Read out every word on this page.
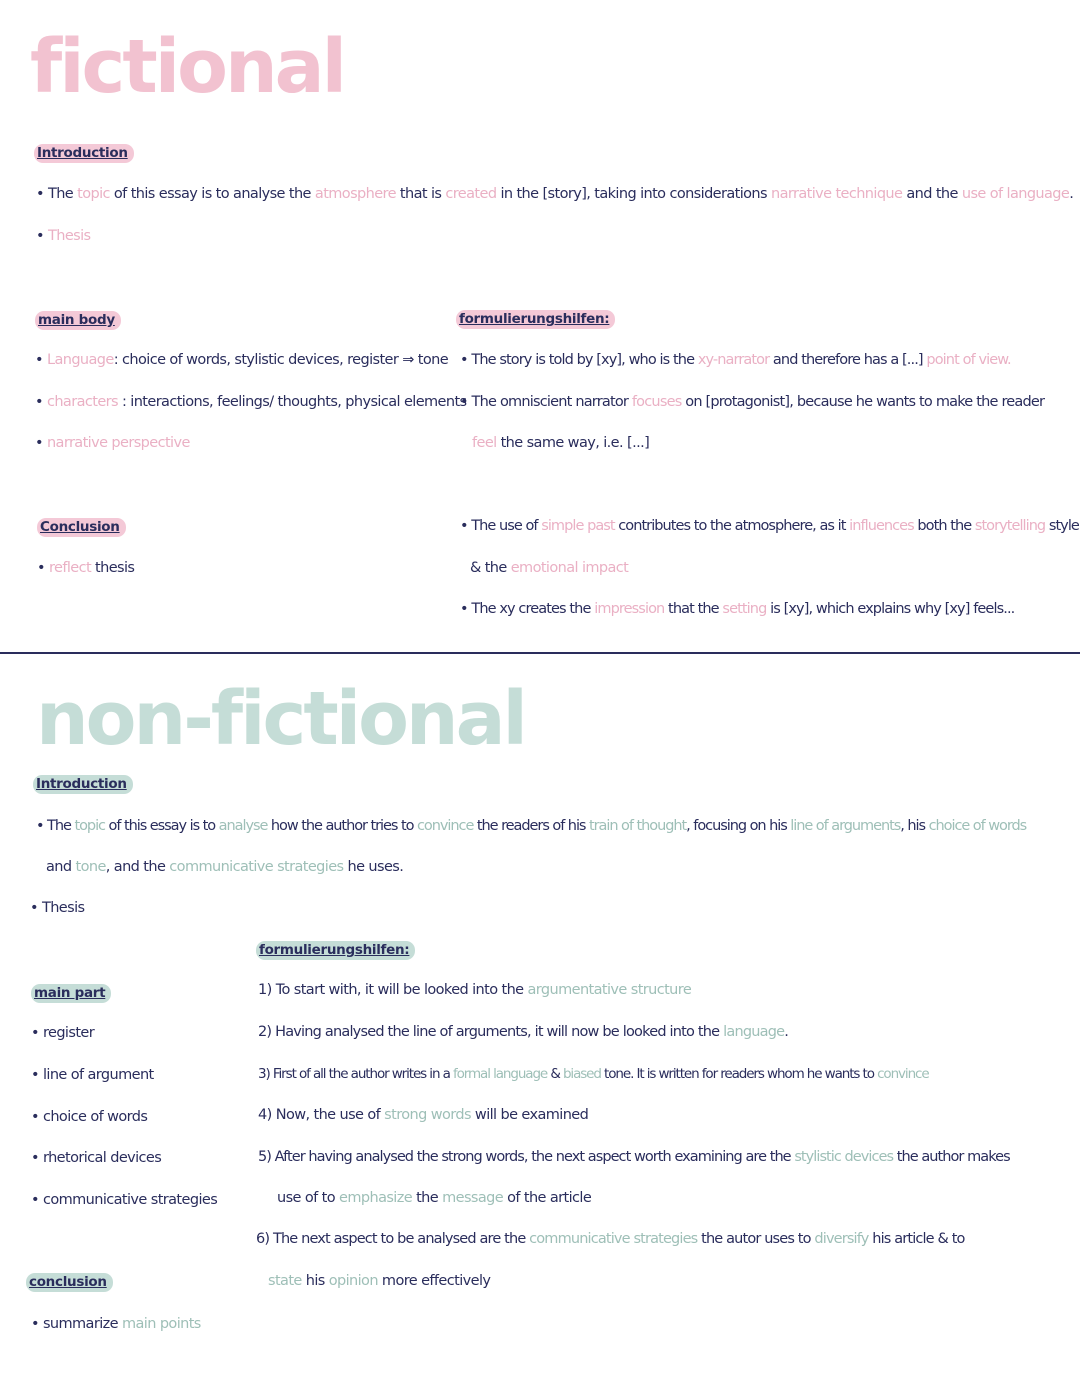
fictional
Introduction
• The topic of this essay is to analyse the atmosphere that is created in the [story], taking into considerations narrative technique and the use of language.
• Thesis
main body
• Language: choice of words, stylistic devices, register ⇒ tone
• characters : interactions, feelings/ thoughts, physical elements
• narrative perspective
Conclusion
• reflect thesis
formulierungshilfen:
• The story is told by [xy], who is the xy-narrator and therefore has a [...] point of view.
• The omniscient narrator focuses on [protagonist], because he wants to make the reader
feel the same way, i.e. [...]
• The use of simple past contributes to the atmosphere, as it influences both the storytelling style
& the emotional impact
• The xy creates the impression that the setting is [xy], which explains why [xy] feels...
non-fictional
Introduction
• The topic of this essay is to analyse how the author tries to convince the readers of his train of thought, focusing on his line of arguments, his choice of words
and tone, and the communicative strategies he uses.
• Thesis
formulierungshilfen:
main part
• register
• line of argument
• choice of words
• rhetorical devices
• communicative strategies
conclusion
• summarize main points
1) To start with, it will be looked into the argumentative structure
2) Having analysed the line of arguments, it will now be looked into the language.
3) First of all the author writes in a formal language & biased tone. It is written for readers whom he wants to convince
4) Now, the use of strong words will be examined
5) After having analysed the strong words, the next aspect worth examining are the stylistic devices the author makes
use of to emphasize the message of the article
6) The next aspect to be analysed are the communicative strategies the autor uses to diversify his article & to
state his opinion more effectively
